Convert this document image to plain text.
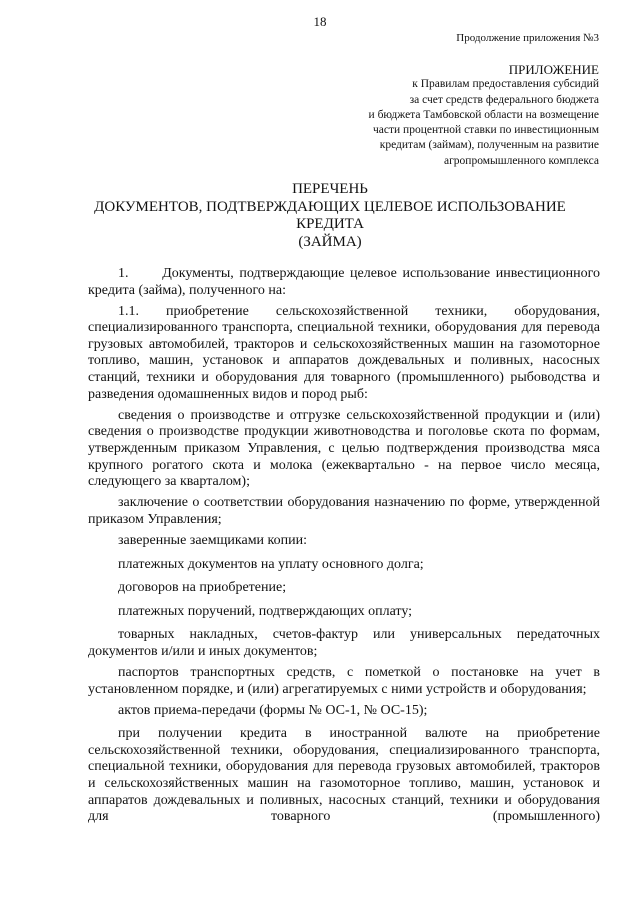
18
Продолжение приложения №3
ПРИЛОЖЕНИЕ
к Правилам предоставления субсидий
за счет средств федерального бюджета
и бюджета Тамбовской области на возмещение
части процентной ставки по инвестиционным
кредитам (займам), полученным на развитие
агропромышленного комплекса
ПЕРЕЧЕНЬ
ДОКУМЕНТОВ, ПОДТВЕРЖДАЮЩИХ ЦЕЛЕВОЕ ИСПОЛЬЗОВАНИЕ
КРЕДИТА
(ЗАЙМА)

1.      Документы, подтверждающие целевое использование инвестиционного кредита (займа), полученного на:

1.1. приобретение сельскохозяйственной техники, оборудования, специализированного транспорта, специальной техники, оборудования для перевода грузовых автомобилей, тракторов и сельскохозяйственных машин на газомоторное топливо, машин, установок и аппаратов дождевальных и поливных, насосных станций, техники и оборудования для товарного (промышленного) рыбоводства и разведения одомашненных видов и пород рыб:

сведения о производстве и отгрузке сельскохозяйственной продукции и (или) сведения о производстве продукции животноводства и поголовье скота по формам, утвержденным приказом Управления, с целью подтверждения производства мяса крупного рогатого скота и молока (ежеквартально - на первое число месяца, следующего за кварталом);

заключение о соответствии оборудования назначению по форме, утвержденной приказом Управления;

заверенные заемщиками копии:

платежных документов на уплату основного долга;

договоров на приобретение;

платежных поручений, подтверждающих оплату;

товарных накладных, счетов-фактур или универсальных передаточных документов и/или и иных документов;

паспортов транспортных средств, с пометкой о постановке на учет в установленном порядке, и (или) агрегатируемых с ними устройств и оборудования;

актов приема-передачи (формы № ОС-1, № ОС-15);

при получении кредита в иностранной валюте на приобретение сельскохозяйственной техники, оборудования, специализированного транспорта, специальной техники, оборудования для перевода грузовых автомобилей, тракторов и сельскохозяйственных машин на газомоторное топливо, машин, установок и аппаратов дождевальных и поливных, насосных станций, техники и оборудования для товарного (промышленного)
